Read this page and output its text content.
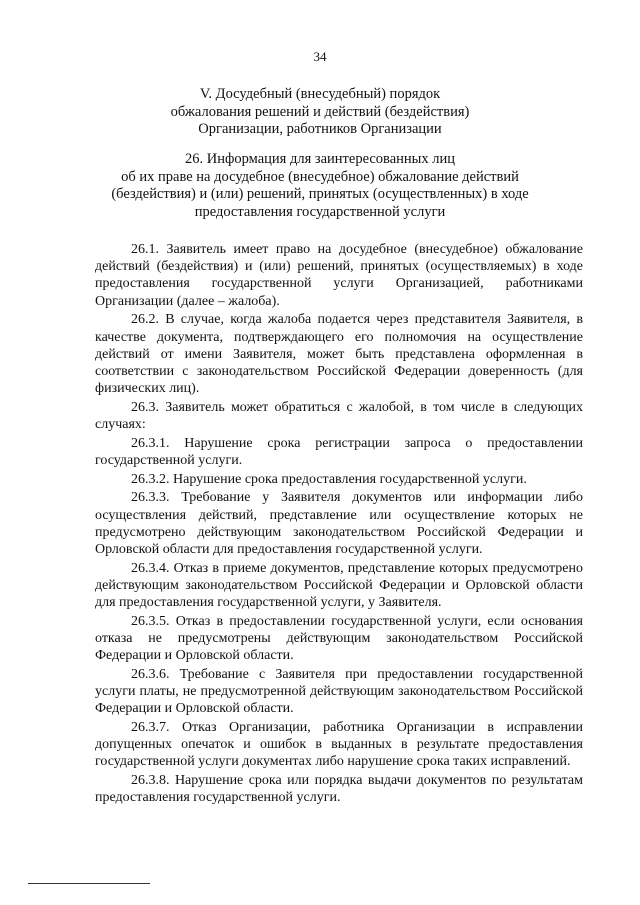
34
V. Досудебный (внесудебный) порядок
обжалования решений и действий (бездействия)
Организации, работников Организации
26. Информация для заинтересованных лиц
об их праве на досудебное (внесудебное) обжалование действий
(бездействия) и (или) решений, принятых (осуществленных) в ходе
предоставления государственной услуги

26.1. Заявитель имеет право на досудебное (внесудебное) обжалование действий (бездействия) и (или) решений, принятых (осуществляемых) в ходе предоставления государственной услуги Организацией, работниками Организации (далее – жалоба).

26.2. В случае, когда жалоба подается через представителя Заявителя, в качестве документа, подтверждающего его полномочия на осуществление действий от имени Заявителя, может быть представлена оформленная в соответствии с законодательством Российской Федерации доверенность (для физических лиц).

26.3. Заявитель может обратиться с жалобой, в том числе в следующих случаях:

26.3.1. Нарушение срока регистрации запроса о предоставлении государственной услуги.

26.3.2. Нарушение срока предоставления государственной услуги.

26.3.3. Требование у Заявителя документов или информации либо осуществления действий, представление или осуществление которых не предусмотрено действующим законодательством Российской Федерации и Орловской области для предоставления государственной услуги.

26.3.4. Отказ в приеме документов, представление которых предусмотрено действующим законодательством Российской Федерации и Орловской области для предоставления государственной услуги, у Заявителя.

26.3.5. Отказ в предоставлении государственной услуги, если основания отказа не предусмотрены действующим законодательством Российской Федерации и Орловской области.

26.3.6. Требование с Заявителя при предоставлении государственной услуги платы, не предусмотренной действующим законодательством Российской Федерации и Орловской области.

26.3.7. Отказ Организации, работника Организации в исправлении допущенных опечаток и ошибок в выданных в результате предоставления государственной услуги документах либо нарушение срока таких исправлений.

26.3.8. Нарушение срока или порядка выдачи документов по результатам предоставления государственной услуги.
